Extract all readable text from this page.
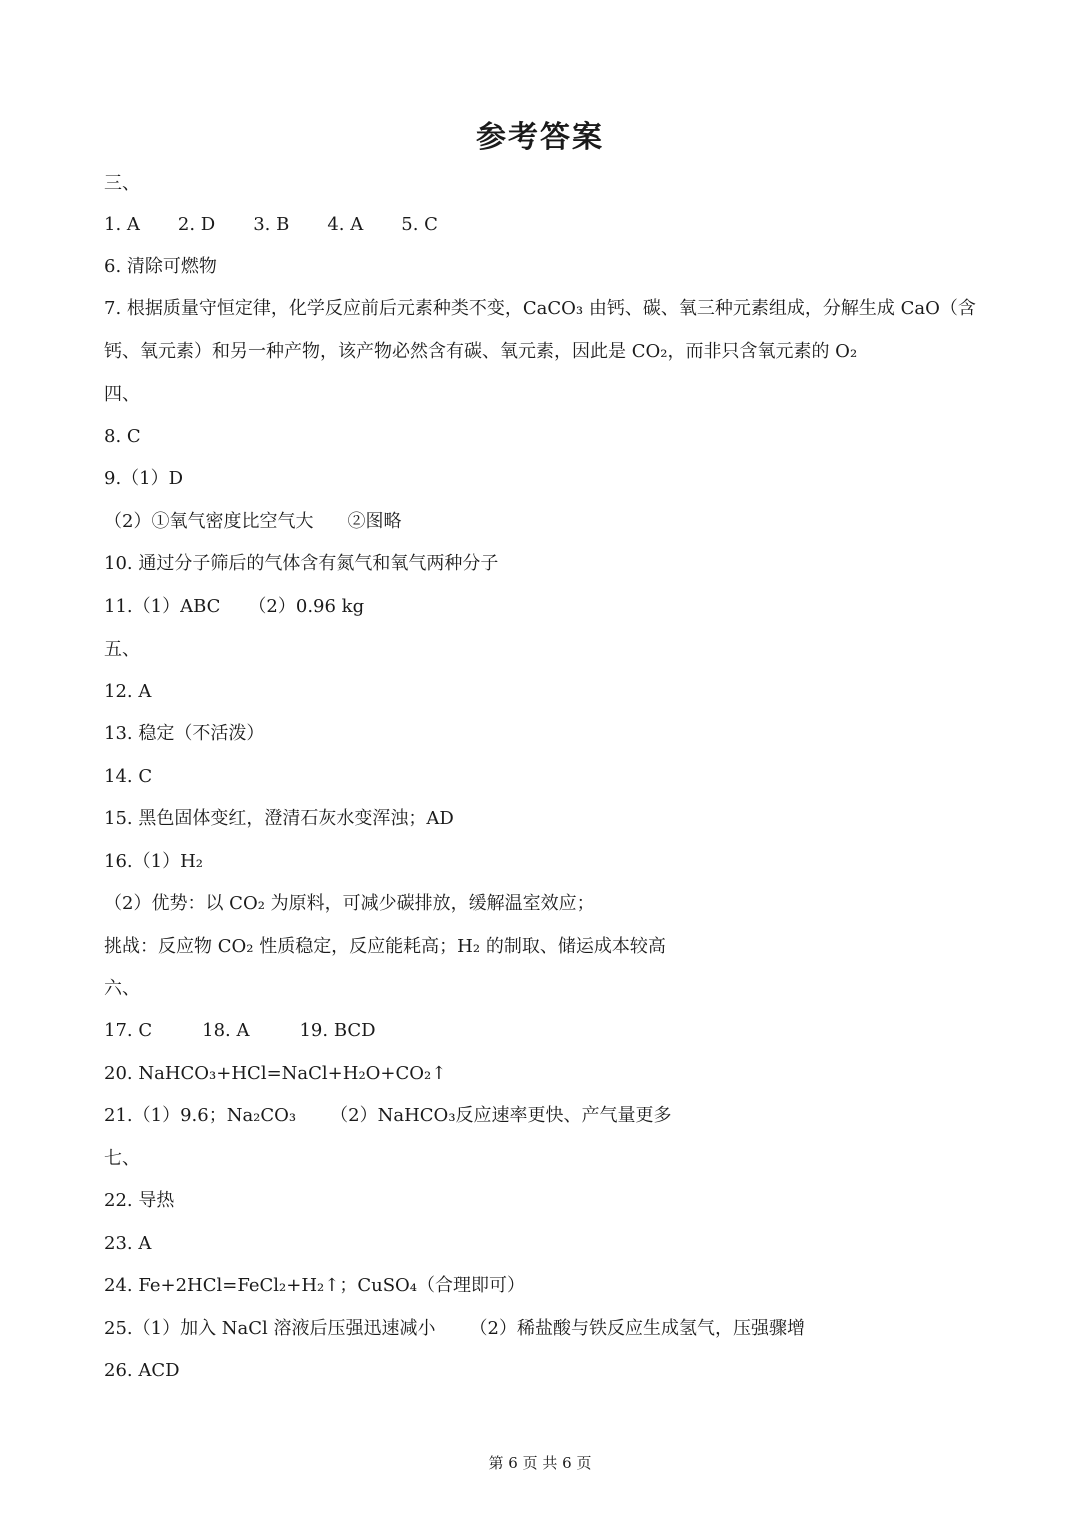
参考答案
三、
1. A 2. D 3. B 4. A 5. C
6. 清除可燃物
7. 根据质量守恒定律，化学反应前后元素种类不变，CaCO₃ 由钙、碳、氧三种元素组成，分解生成 CaO（含
钙、氧元素）和另一种产物，该产物必然含有碳、氧元素，因此是 CO₂，而非只含氧元素的 O₂
四、
8. C
9.（1）D
（2）①氧气密度比空气大 ②图略
10. 通过分子筛后的气体含有氮气和氧气两种分子
11.（1）ABC （2）0.96 kg
五、
12. A
13. 稳定（不活泼）
14. C
15. 黑色固体变红，澄清石灰水变浑浊；AD
16.（1）H₂
（2）优势：以 CO₂ 为原料，可减少碳排放，缓解温室效应；
挑战：反应物 CO₂ 性质稳定，反应能耗高；H₂ 的制取、储运成本较高
六、
17. C	18. A	19. BCD
20. NaHCO₃+HCl=NaCl+H₂O+CO₂↑
21.（1）9.6；Na₂CO₃ （2）NaHCO₃反应速率更快、产气量更多
七、
22. 导热
23. A
24. Fe+2HCl=FeCl₂+H₂↑；CuSO₄（合理即可）
25.（1）加入 NaCl 溶液后压强迅速减小 （2）稀盐酸与铁反应生成氢气，压强骤增
26. ACD
第 6 页 共 6 页
